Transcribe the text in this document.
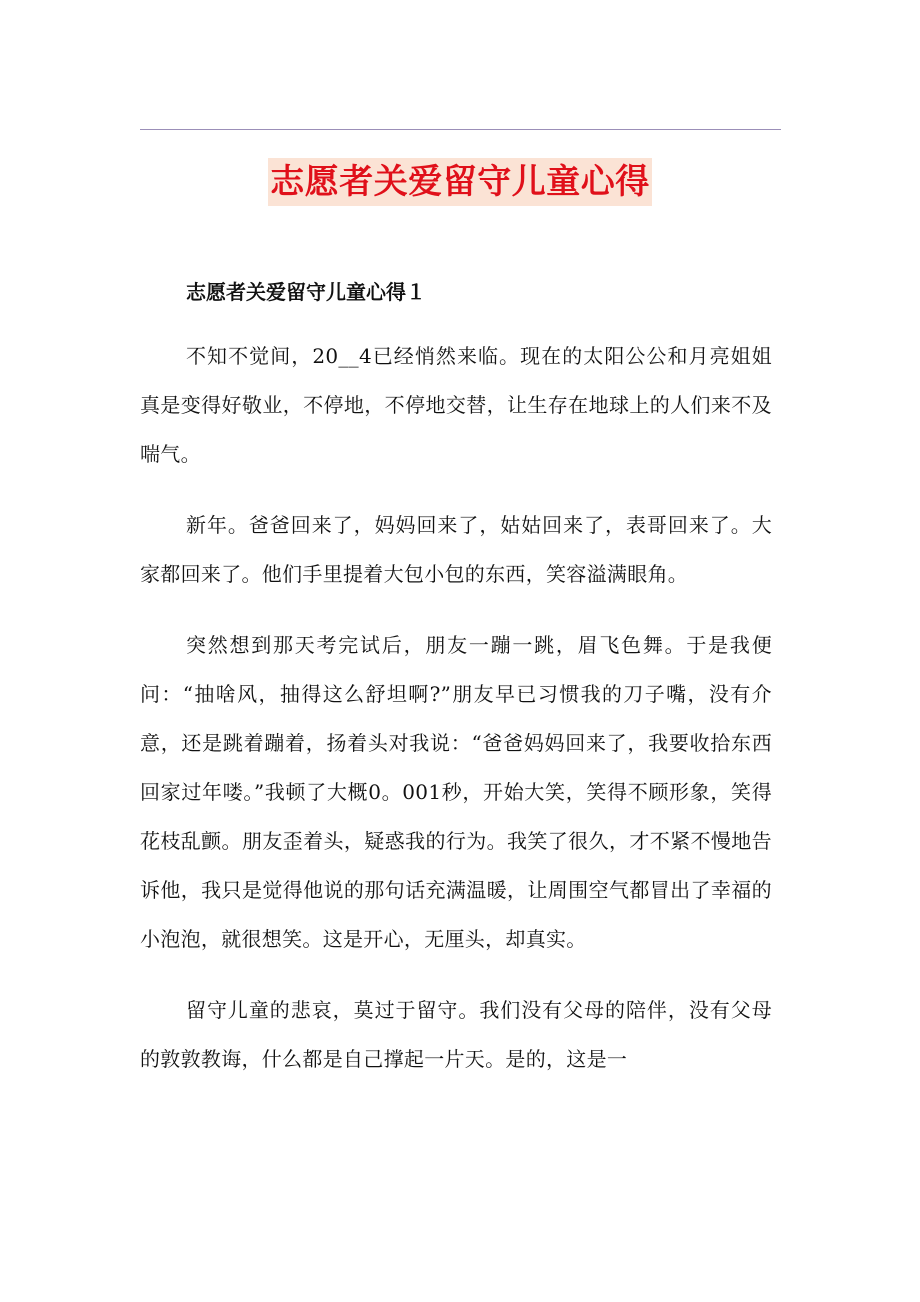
志愿者关爱留守儿童心得
志愿者关爱留守儿童心得１

不知不觉间，20__4已经悄然来临。现在的太阳公公和月亮姐姐真是变得好敬业，不停地，不停地交替，让生存在地球上的人们来不及喘气。

新年。爸爸回来了，妈妈回来了，姑姑回来了，表哥回来了。大家都回来了。他们手里提着大包小包的东西，笑容溢满眼角。

突然想到那天考完试后，朋友一蹦一跳，眉飞色舞。于是我便问：“抽啥风，抽得这么舒坦啊?”朋友早已习惯我的刀子嘴，没有介意，还是跳着蹦着，扬着头对我说：“爸爸妈妈回来了，我要收拾东西回家过年喽。”我顿了大概0。001秒，开始大笑，笑得不顾形象，笑得花枝乱颤。朋友歪着头，疑惑我的行为。我笑了很久，才不紧不慢地告诉他，我只是觉得他说的那句话充满温暖，让周围空气都冒出了幸福的小泡泡，就很想笑。这是开心，无厘头，却真实。

留守儿童的悲哀，莫过于留守。我们没有父母的陪伴，没有父母的敦敦教诲，什么都是自己撑起一片天。是的，这是一
